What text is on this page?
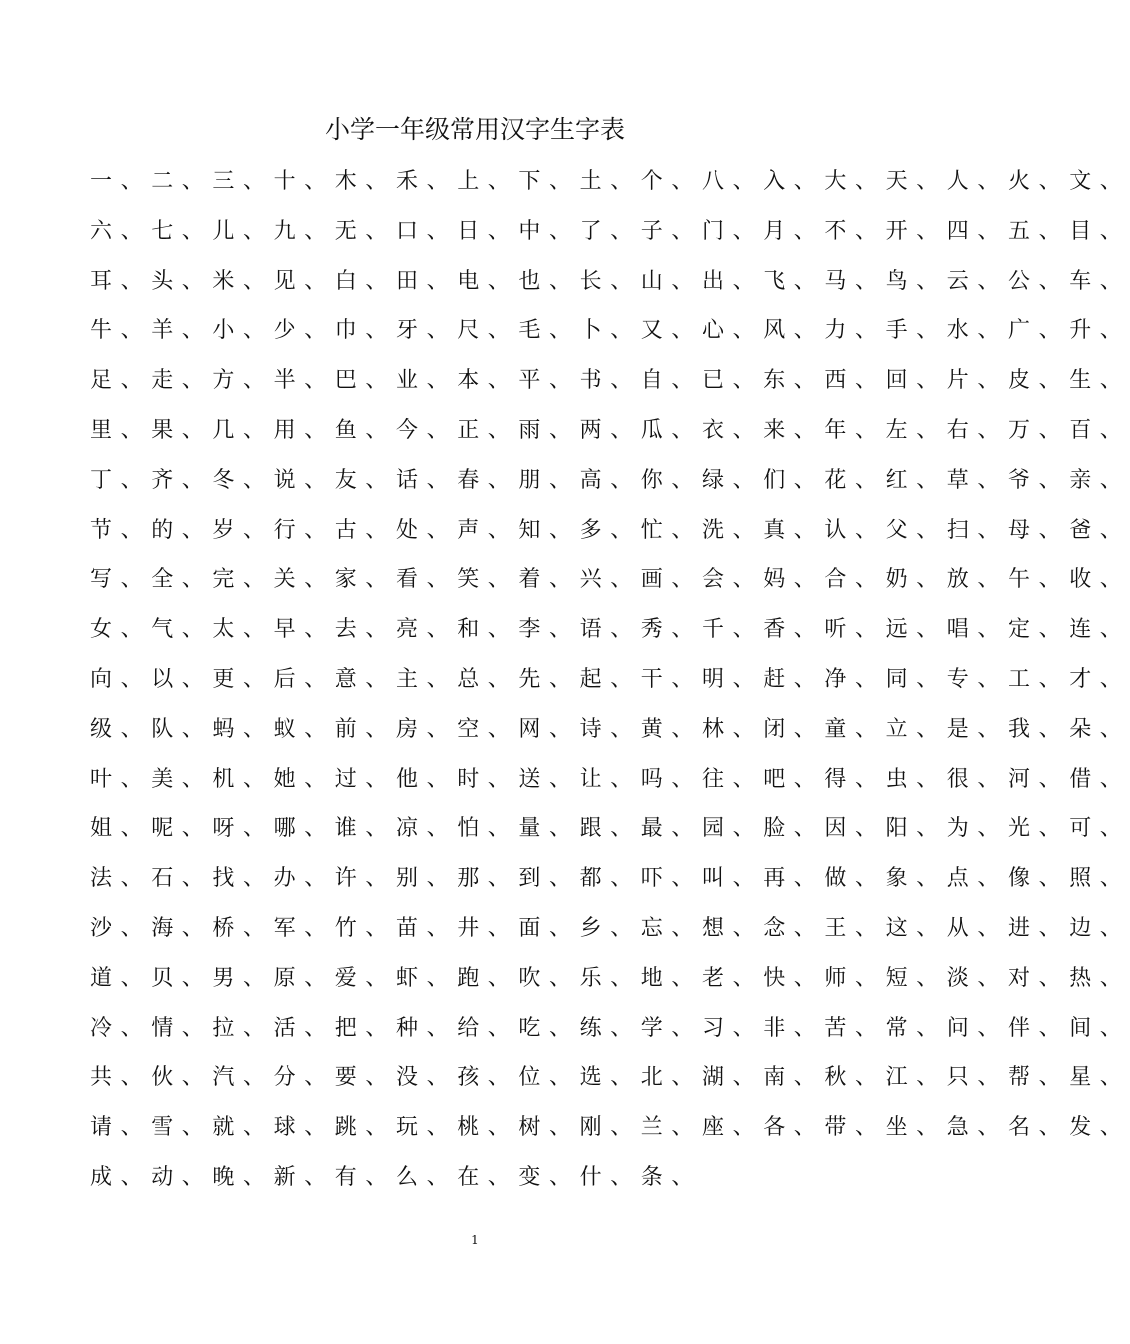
小学一年级常用汉字生字表
一、二、三、十、木、禾、上、下、土、个、八、入、大、天、人、火、文、
六、七、儿、九、无、口、日、中、了、子、门、月、不、开、四、五、目、
耳、头、米、见、白、田、电、也、长、山、出、飞、马、鸟、云、公、车、
牛、羊、小、少、巾、牙、尺、毛、卜、又、心、风、力、手、水、广、升、
足、走、方、半、巴、业、本、平、书、自、已、东、西、回、片、皮、生、
里、果、几、用、鱼、今、正、雨、两、瓜、衣、来、年、左、右、万、百、
丁、齐、冬、说、友、话、春、朋、高、你、绿、们、花、红、草、爷、亲、
节、的、岁、行、古、处、声、知、多、忙、洗、真、认、父、扫、母、爸、
写、全、完、关、家、看、笑、着、兴、画、会、妈、合、奶、放、午、收、
女、气、太、早、去、亮、和、李、语、秀、千、香、听、远、唱、定、连、
向、以、更、后、意、主、总、先、起、干、明、赶、净、同、专、工、才、
级、队、蚂、蚁、前、房、空、网、诗、黄、林、闭、童、立、是、我、朵、
叶、美、机、她、过、他、时、送、让、吗、往、吧、得、虫、很、河、借、
姐、呢、呀、哪、谁、凉、怕、量、跟、最、园、脸、因、阳、为、光、可、
法、石、找、办、许、别、那、到、都、吓、叫、再、做、象、点、像、照、
沙、海、桥、军、竹、苗、井、面、乡、忘、想、念、王、这、从、进、边、
道、贝、男、原、爱、虾、跑、吹、乐、地、老、快、师、短、淡、对、热、
冷、情、拉、活、把、种、给、吃、练、学、习、非、苦、常、问、伴、间、
共、伙、汽、分、要、没、孩、位、选、北、湖、南、秋、江、只、帮、星、
请、雪、就、球、跳、玩、桃、树、刚、兰、座、各、带、坐、急、名、发、
成、动、晚、新、有、么、在、变、什、条、
1
